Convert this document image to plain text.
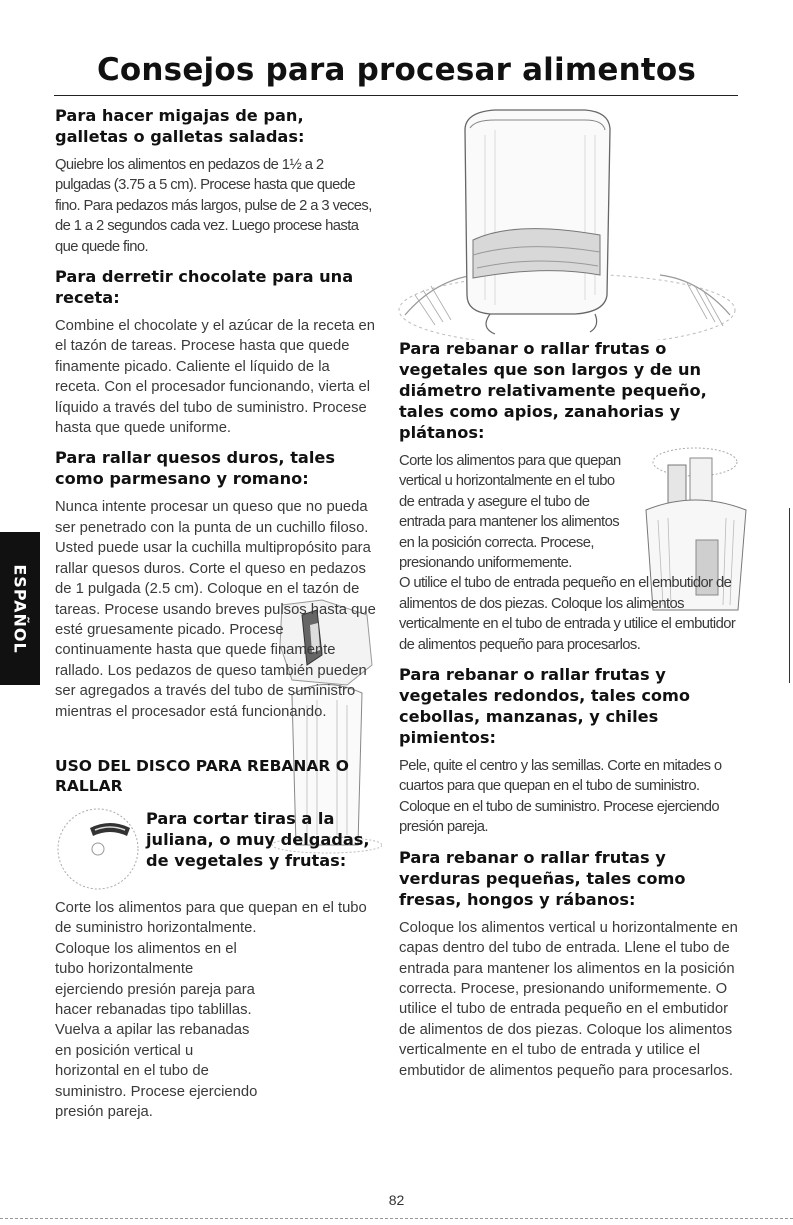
Consejos para procesar alimentos
Para hacer migajas de pan, galletas o galletas saladas:

Quiebre los alimentos en pedazos de 1½ a 2 pulgadas (3.75 a 5 cm). Procese hasta que quede fino. Para pedazos más largos, pulse de 2 a 3 veces, de 1 a 2 segundos cada vez. Luego procese hasta que quede fino.

Para derretir chocolate para una receta:

Combine el chocolate y el azúcar de la receta en el tazón de tareas. Procese hasta que quede finamente picado. Caliente el líquido de la receta. Con el procesador funcionando, vierta el líquido a través del tubo de suministro. Procese hasta que quede uniforme.

Para rallar quesos duros, tales como parmesano y romano:

Nunca intente procesar un queso que no pueda ser penetrado con la punta de un cuchillo filoso. Usted puede usar la cuchilla multipropósito para rallar quesos duros. Corte el queso en pedazos de 1 pulgada (2.5 cm). Coloque en el tazón de tareas. Procese usando breves pulsos hasta que esté gruesamente picado. Procese continuamente hasta que quede finamente rallado. Los pedazos de queso también pueden ser agregados a través del tubo de suministro mientras el procesador está funcionando.

USO DEL DISCO PARA REBANAR O RALLAR
Para cortar tiras a la juliana, o muy delgadas, de vegetales y frutas:

Corte los alimentos para que quepan en el tubo de suministro horizontalmente.

Coloque los alimentos en el tubo horizontalmente ejerciendo presión pareja para hacer rebanadas tipo tablillas. Vuelva a apilar las rebanadas en posición vertical u horizontal en el tubo de suministro. Procese ejerciendo presión pareja.

Para rebanar o rallar frutas o vegetales que son largos y de un diámetro relativamente pequeño, tales como apios, zanahorias y plátanos:

Corte los alimentos para que quepan vertical u horizontalmente en el tubo de entrada y asegure el tubo de entrada para mantener los alimentos en la posición correcta. Procese, presionando uniformemente.

O utilice el tubo de entrada pequeño en el embutidor de alimentos de dos piezas. Coloque los alimentos verticalmente en el tubo de entrada y utilice el embutidor de alimentos pequeño para procesarlos.

Para rebanar o rallar frutas y vegetales redondos, tales como cebollas, manzanas, y chiles pimientos:

Pele, quite el centro y las semillas. Corte en mitades o cuartos para que quepan en el tubo de suministro. Coloque en el tubo de suministro. Procese ejerciendo presión pareja.

Para rebanar o rallar frutas y verduras pequeñas, tales como fresas, hongos y rábanos:

Coloque los alimentos vertical u horizontalmente en capas dentro del tubo de entrada. Llene el tubo de entrada para mantener los alimentos en la posición correcta. Procese, presionando uniformemente. O utilice el tubo de entrada pequeño en el embutidor de alimentos de dos piezas. Coloque los alimentos verticalmente en el tubo de entrada y utilice el embutidor de alimentos pequeño para procesarlos.

ESPAÑOL
82
